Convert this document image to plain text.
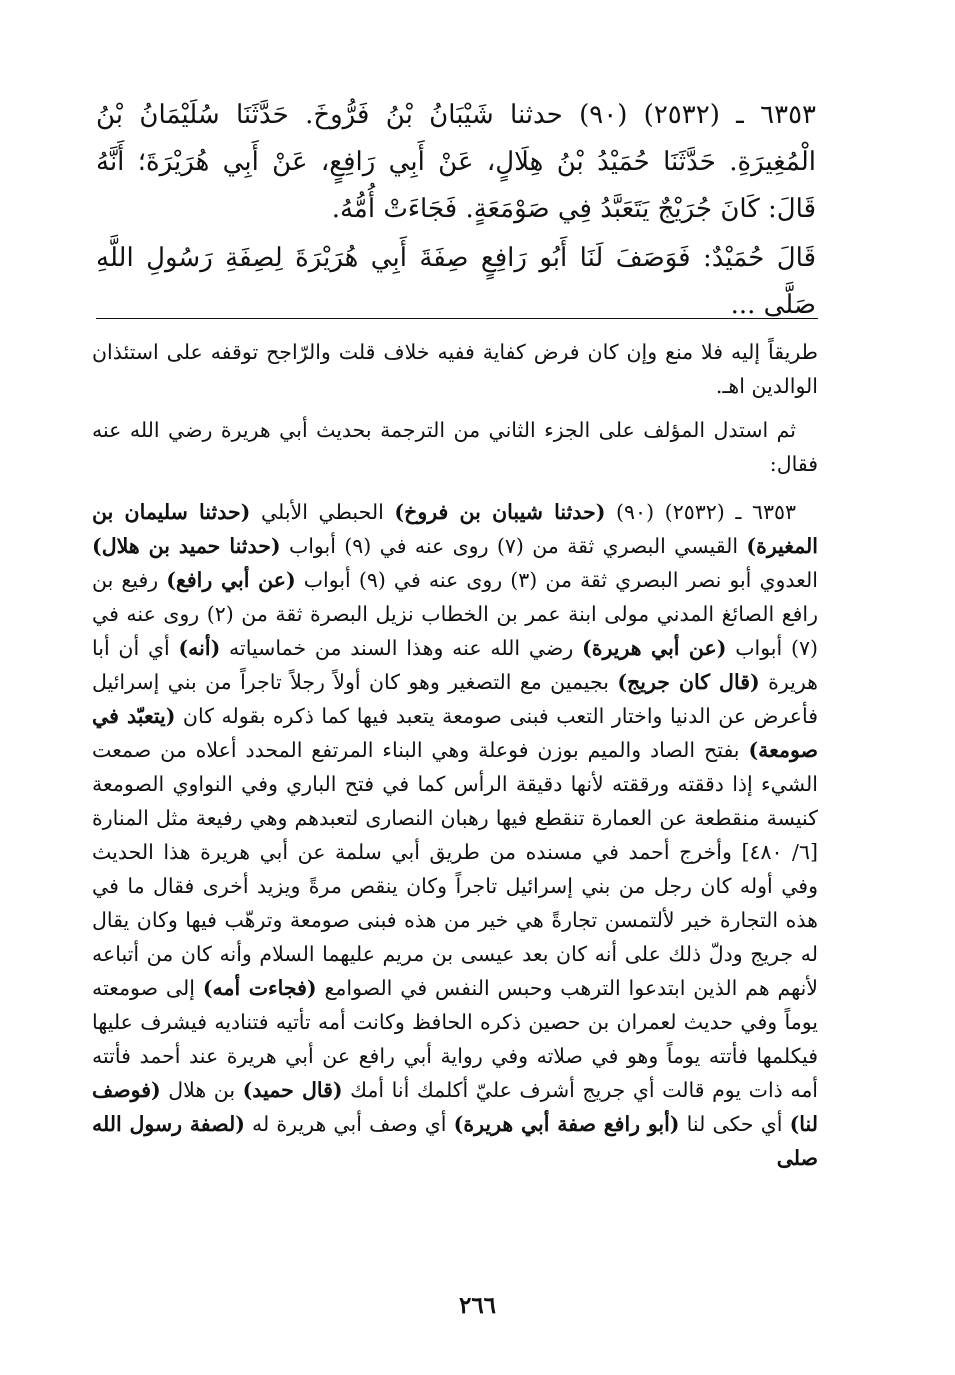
٦٣٥٣ ـ (٢٥٣٢) (٩٠) حدثنا شَيْبَانُ بْنُ فَرُّوخَ. حَدَّثَنَا سُلَيْمَانُ بْنُ الْمُغِيرَةِ. حَدَّثَنَا حُمَيْدُ بْنُ هِلَالٍ، عَنْ أَبِي رَافِعٍ، عَنْ أَبِي هُرَيْرَةَ؛ أَنَّهُ قَالَ: كَانَ جُرَيْجٌ يَتَعَبَّدُ فِي صَوْمَعَةٍ. فَجَاءَتْ أُمُّهُ.

قَالَ حُمَيْدٌ: فَوَصَفَ لَنَا أَبُو رَافِعٍ صِفَةَ أَبِي هُرَيْرَةَ لِصِفَةِ رَسُولِ اللَّهِ صَلَّى ...

طريقاً إليه فلا منع وإن كان فرض كفاية ففيه خلاف قلت والرّاجح توقفه على استئذان الوالدين اهـ.

ثم استدل المؤلف على الجزء الثاني من الترجمة بحديث أبي هريرة رضي الله عنه فقال:

٦٣٥٣ ـ (٢٥٣٢) (٩٠) (حدثنا شيبان بن فروخ) الحبطي الأبلي (حدثنا سليمان بن المغيرة) القيسي البصري ثقة من (٧) روى عنه في (٩) أبواب (حدثنا حميد بن هلال) العدوي أبو نصر البصري ثقة من (٣) روى عنه في (٩) أبواب (عن أبي رافع) رفيع بن رافع الصائغ المدني مولى ابنة عمر بن الخطاب نزيل البصرة ثقة من (٢) روى عنه في (٧) أبواب (عن أبي هريرة) رضي الله عنه وهذا السند من خماسياته (أنه) أي أن أبا هريرة (قال كان جريج) بجيمين مع التصغير وهو كان أولاً رجلاً تاجراً من بني إسرائيل فأعرض عن الدنيا واختار التعب فبنى صومعة يتعبد فيها كما ذكره بقوله كان (يتعبّد في صومعة) بفتح الصاد والميم بوزن فوعلة وهي البناء المرتفع المحدد أعلاه من صمعت الشيء إذا دققته ورققته لأنها دقيقة الرأس كما في فتح الباري وفي النواوي الصومعة كنيسة منقطعة عن العمارة تنقطع فيها رهبان النصارى لتعبدهم وهي رفيعة مثل المنارة [٦/ ٤٨٠] وأخرج أحمد في مسنده من طريق أبي سلمة عن أبي هريرة هذا الحديث وفي أوله كان رجل من بني إسرائيل تاجراً وكان ينقص مرةً ويزيد أخرى فقال ما في هذه التجارة خير لألتمسن تجارةً هي خير من هذه فبنى صومعة وترهّب فيها وكان يقال له جريج ودلّ ذلك على أنه كان بعد عيسى بن مريم عليهما السلام وأنه كان من أتباعه لأنهم هم الذين ابتدعوا الترهب وحبس النفس في الصوامع (فجاءت أمه) إلى صومعته يوماً وفي حديث لعمران بن حصين ذكره الحافظ وكانت أمه تأتيه فتناديه فيشرف عليها فيكلمها فأتته يوماً وهو في صلاته وفي رواية أبي رافع عن أبي هريرة عند أحمد فأتته أمه ذات يوم قالت أي جريج أشرف عليّ أكلمك أنا أمك (قال حميد) بن هلال (فوصف لنا) أي حكى لنا (أبو رافع صفة أبي هريرة) أي وصف أبي هريرة له (لصفة رسول الله صلى

٢٦٦
